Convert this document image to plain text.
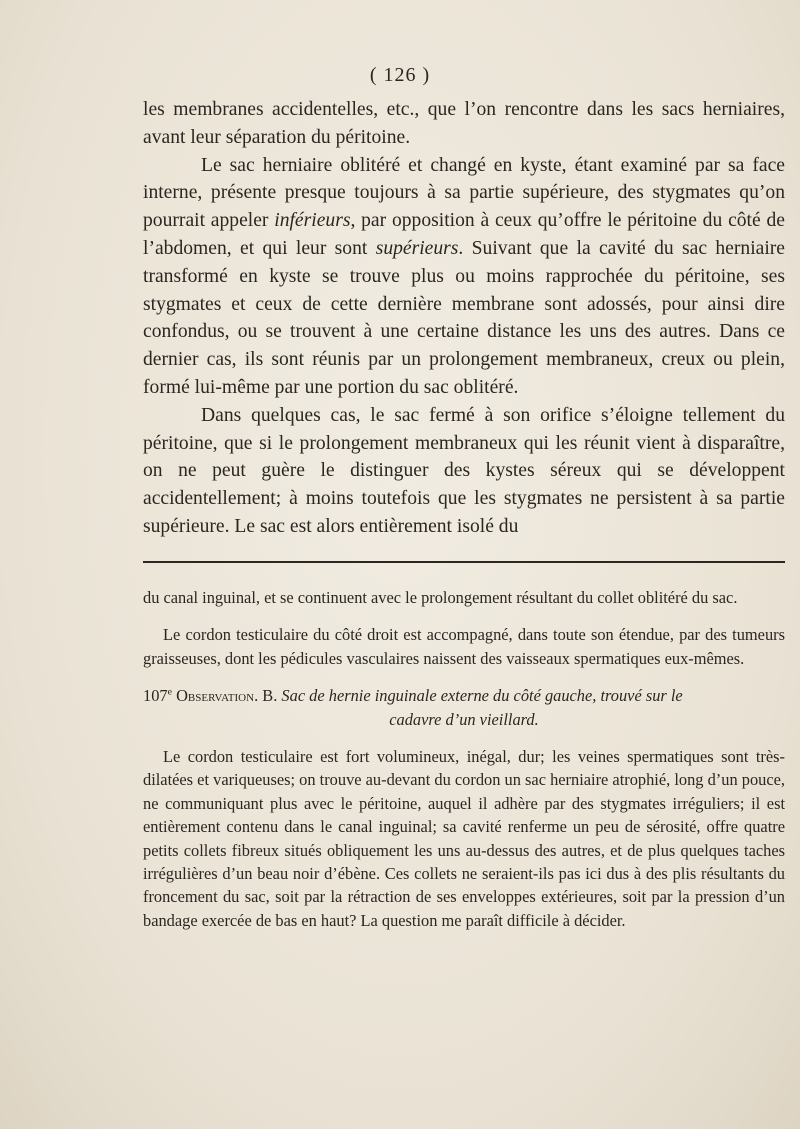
( 126 )

les membranes accidentelles, etc., que l’on rencontre dans les sacs herniaires, avant leur séparation du péritoine.

Le sac herniaire oblitéré et changé en kyste, étant examiné par sa face interne, présente presque toujours à sa partie supérieure, des stygmates qu’on pourrait appeler inférieurs, par opposition à ceux qu’offre le péritoine du côté de l’abdomen, et qui leur sont supérieurs. Suivant que la cavité du sac herniaire transformé en kyste se trouve plus ou moins rapprochée du péritoine, ses stygmates et ceux de cette dernière membrane sont adossés, pour ainsi dire confondus, ou se trouvent à une certaine distance les uns des autres. Dans ce dernier cas, ils sont réunis par un prolongement membraneux, creux ou plein, formé lui-même par une portion du sac oblitéré.

Dans quelques cas, le sac fermé à son orifice s’éloigne tellement du péritoine, que si le prolongement membraneux qui les réunit vient à disparaître, on ne peut guère le distinguer des kystes séreux qui se développent accidentellement; à moins toutefois que les stygmates ne persistent à sa partie supérieure. Le sac est alors entièrement isolé du

du canal inguinal, et se continuent avec le prolongement résultant du collet oblitéré du sac.

Le cordon testiculaire du côté droit est accompagné, dans toute son étendue, par des tumeurs graisseuses, dont les pédicules vasculaires naissent des vaisseaux spermatiques eux-mêmes.

107e Observation. B. Sac de hernie inguinale externe du côté gauche, trouvé sur le

cadavre d’un vieillard.

Le cordon testiculaire est fort volumineux, inégal, dur; les veines spermatiques sont très-dilatées et variqueuses; on trouve au-devant du cordon un sac herniaire atrophié, long d’un pouce, ne communiquant plus avec le péritoine, auquel il adhère par des stygmates irréguliers; il est entièrement contenu dans le canal inguinal; sa cavité renferme un peu de sérosité, offre quatre petits collets fibreux situés obliquement les uns au-dessus des autres, et de plus quelques taches irrégulières d’un beau noir d’ébène. Ces collets ne seraient-ils pas ici dus à des plis résultants du froncement du sac, soit par la rétraction de ses enveloppes extérieures, soit par la pression d’un bandage exercée de bas en haut? La question me paraît difficile à décider.
